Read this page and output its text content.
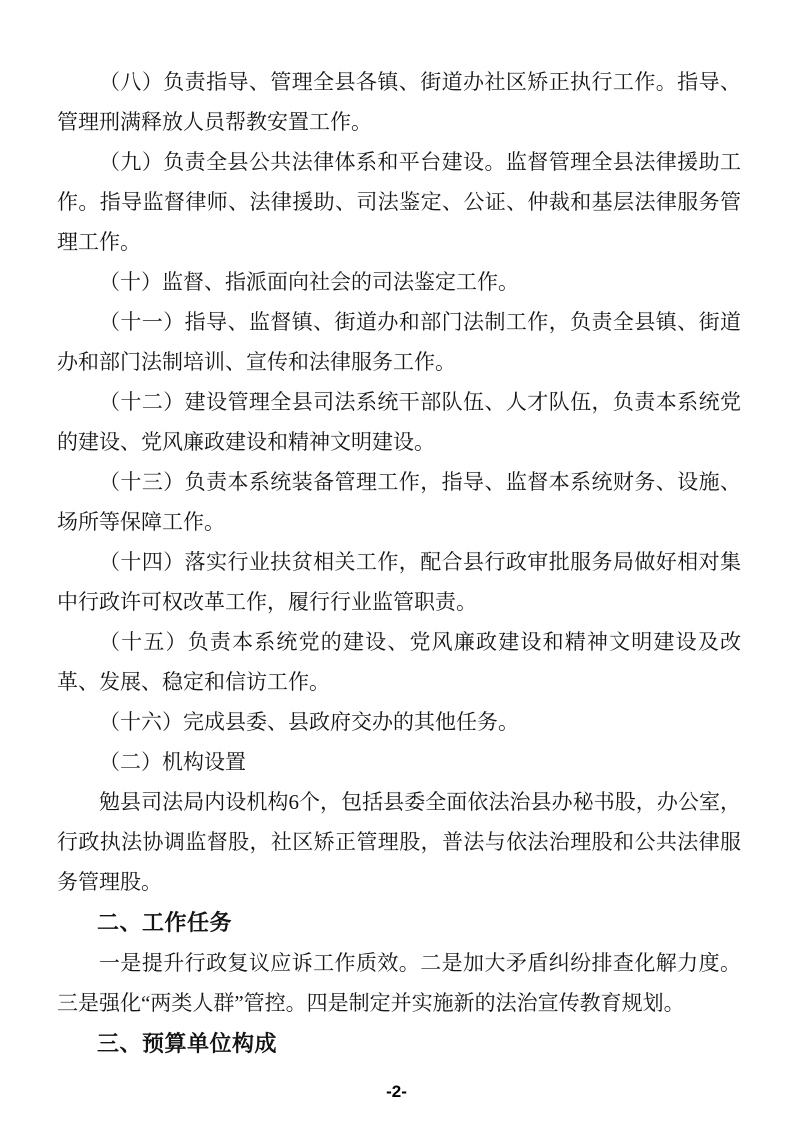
（八）负责指导、管理全县各镇、街道办社区矫正执行工作。指导、管理刑满释放人员帮教安置工作。

（九）负责全县公共法律体系和平台建设。监督管理全县法律援助工作。指导监督律师、法律援助、司法鉴定、公证、仲裁和基层法律服务管理工作。

（十）监督、指派面向社会的司法鉴定工作。

（十一）指导、监督镇、街道办和部门法制工作，负责全县镇、街道办和部门法制培训、宣传和法律服务工作。

（十二）建设管理全县司法系统干部队伍、人才队伍，负责本系统党的建设、党风廉政建设和精神文明建设。

（十三）负责本系统装备管理工作，指导、监督本系统财务、设施、场所等保障工作。

（十四）落实行业扶贫相关工作，配合县行政审批服务局做好相对集中行政许可权改革工作，履行行业监管职责。

（十五）负责本系统党的建设、党风廉政建设和精神文明建设及改革、发展、稳定和信访工作。

（十六）完成县委、县政府交办的其他任务。

（二）机构设置

勉县司法局内设机构6个，包括县委全面依法治县办秘书股，办公室，行政执法协调监督股，社区矫正管理股，普法与依法治理股和公共法律服务管理股。

二、工作任务

一是提升行政复议应诉工作质效。二是加大矛盾纠纷排查化解力度。三是强化“两类人群”管控。四是制定并实施新的法治宣传教育规划。

三、预算单位构成

-2-
